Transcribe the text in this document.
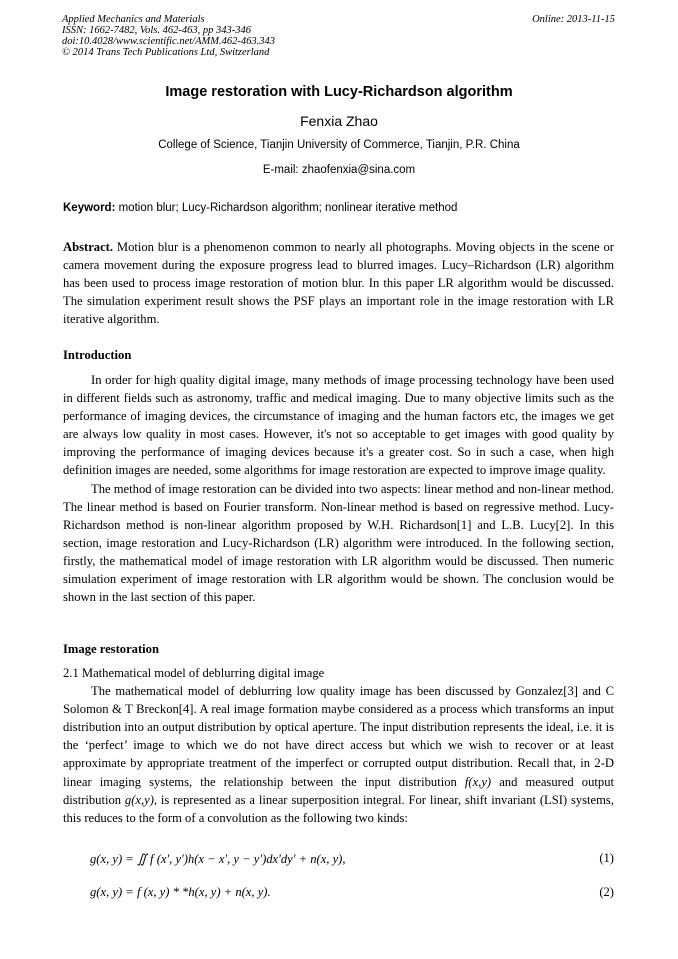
Applied Mechanics and Materials
ISSN: 1662-7482, Vols. 462-463, pp 343-346
doi:10.4028/www.scientific.net/AMM.462-463.343
© 2014 Trans Tech Publications Ltd, Switzerland
Online: 2013-11-15
Image restoration with Lucy-Richardson algorithm
Fenxia Zhao
College of Science, Tianjin University of Commerce, Tianjin, P.R. China
E-mail: zhaofenxia@sina.com
Keyword: motion blur; Lucy-Richardson algorithm; nonlinear iterative method

Abstract. Motion blur is a phenomenon common to nearly all photographs. Moving objects in the scene or camera movement during the exposure progress lead to blurred images. Lucy–Richardson (LR) algorithm has been used to process image restoration of motion blur. In this paper LR algorithm would be discussed. The simulation experiment result shows the PSF plays an important role in the image restoration with LR iterative algorithm.

Introduction

In order for high quality digital image, many methods of image processing technology have been used in different fields such as astronomy, traffic and medical imaging. Due to many objective limits such as the performance of imaging devices, the circumstance of imaging and the human factors etc, the images we get are always low quality in most cases. However, it's not so acceptable to get images with good quality by improving the performance of imaging devices because it's a greater cost. So in such a case, when high definition images are needed, some algorithms for image restoration are expected to improve image quality.

The method of image restoration can be divided into two aspects: linear method and non-linear method. The linear method is based on Fourier transform. Non-linear method is based on regressive method. Lucy-Richardson method is non-linear algorithm proposed by W.H. Richardson[1] and L.B. Lucy[2]. In this section, image restoration and Lucy-Richardson (LR) algorithm were introduced. In the following section, firstly, the mathematical model of image restoration with LR algorithm would be discussed. Then numeric simulation experiment of image restoration with LR algorithm would be shown. The conclusion would be shown in the last section of this paper.

Image restoration

2.1 Mathematical model of deblurring digital image

The mathematical model of deblurring low quality image has been discussed by Gonzalez[3] and C Solomon & T Breckon[4]. A real image formation maybe considered as a process which transforms an input distribution into an output distribution by optical aperture. The input distribution represents the ideal, i.e. it is the ‘perfect’ image to which we do not have direct access but which we wish to recover or at least approximate by appropriate treatment of the imperfect or corrupted output distribution. Recall that, in 2-D linear imaging systems, the relationship between the input distribution f(x,y) and measured output distribution g(x,y), is represented as a linear superposition integral. For linear, shift invariant (LSI) systems, this reduces to the form of a convolution as the following two kinds:

g(x, y) = ∬ f (x', y')h(x − x', y − y')dx'dy' + n(x, y),	(1)
g(x, y) = f (x, y) * *h(x, y) + n(x, y).	(2)
